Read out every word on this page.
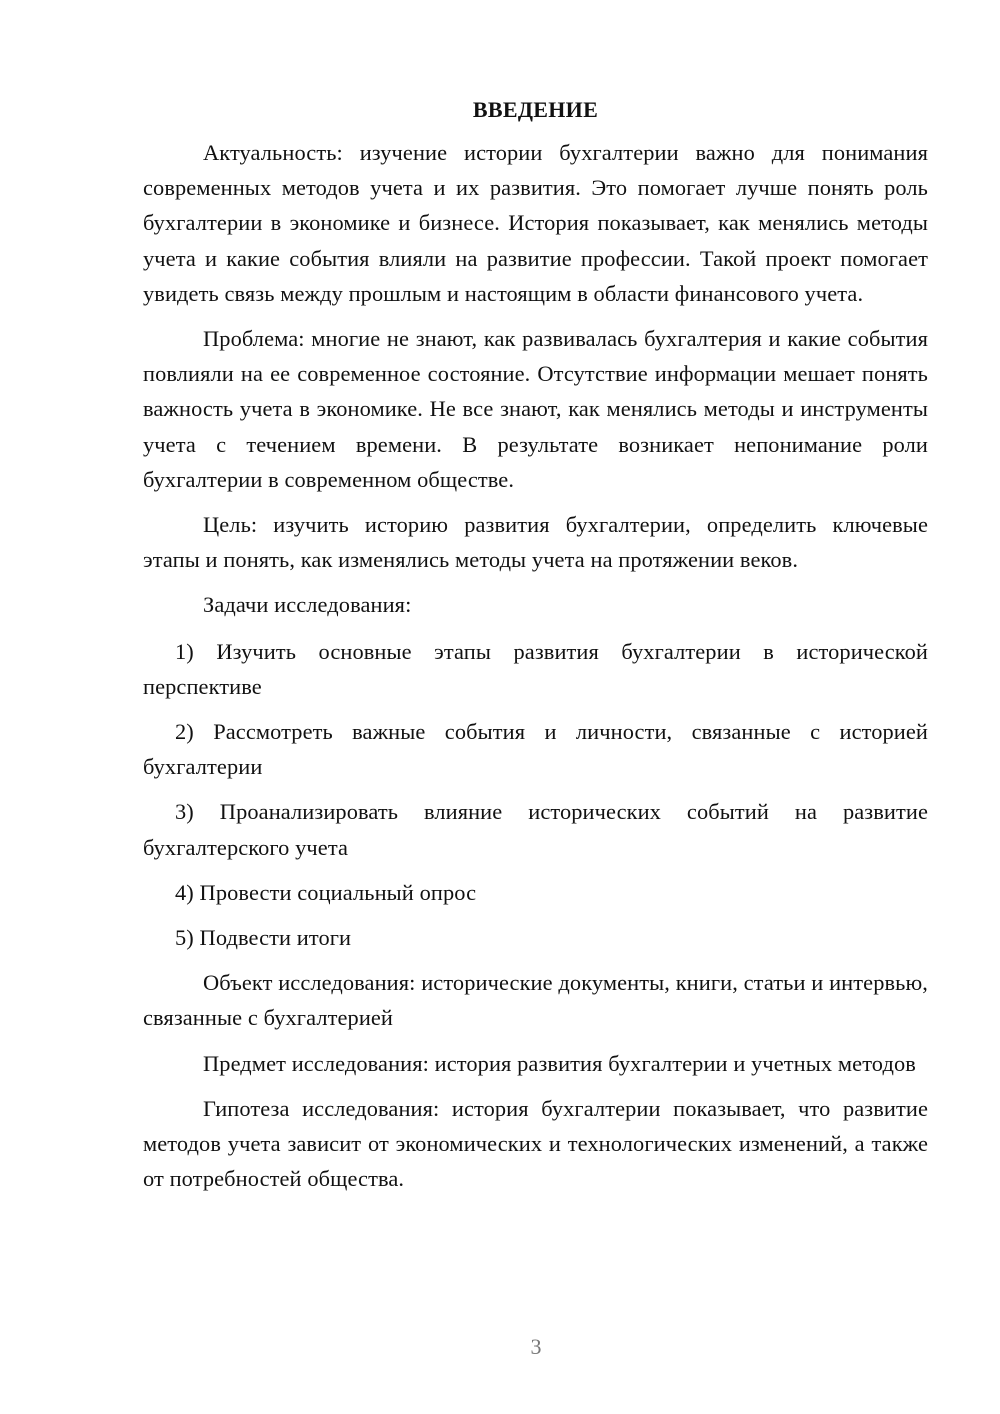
ВВЕДЕНИЕ

Актуальность: изучение истории бухгалтерии важно для понимания современных методов учета и их развития. Это помогает лучше понять роль бухгалтерии в экономике и бизнесе. История показывает, как менялись методы учета и какие события влияли на развитие профессии. Такой проект помогает увидеть связь между прошлым и настоящим в области финансового учета.

Проблема: многие не знают, как развивалась бухгалтерия и какие события повлияли на ее современное состояние. Отсутствие информации мешает понять важность учета в экономике. Не все знают, как менялись методы и инструменты учета с течением времени. В результате возникает непонимание роли бухгалтерии в современном обществе.

Цель: изучить историю развития бухгалтерии, определить ключевые этапы и понять, как изменялись методы учета на протяжении веков.

Задачи исследования:

1) Изучить основные этапы развития бухгалтерии в исторической перспективе

2) Рассмотреть важные события и личности, связанные с историей бухгалтерии

3) Проанализировать влияние исторических событий на развитие бухгалтерского учета

4) Провести социальный опрос

5) Подвести итоги

Объект исследования: исторические документы, книги, статьи и интервью, связанные с бухгалтерией

Предмет исследования: история развития бухгалтерии и учетных методов

Гипотеза исследования: история бухгалтерии показывает, что развитие методов учета зависит от экономических и технологических изменений, а также от потребностей общества.

3
